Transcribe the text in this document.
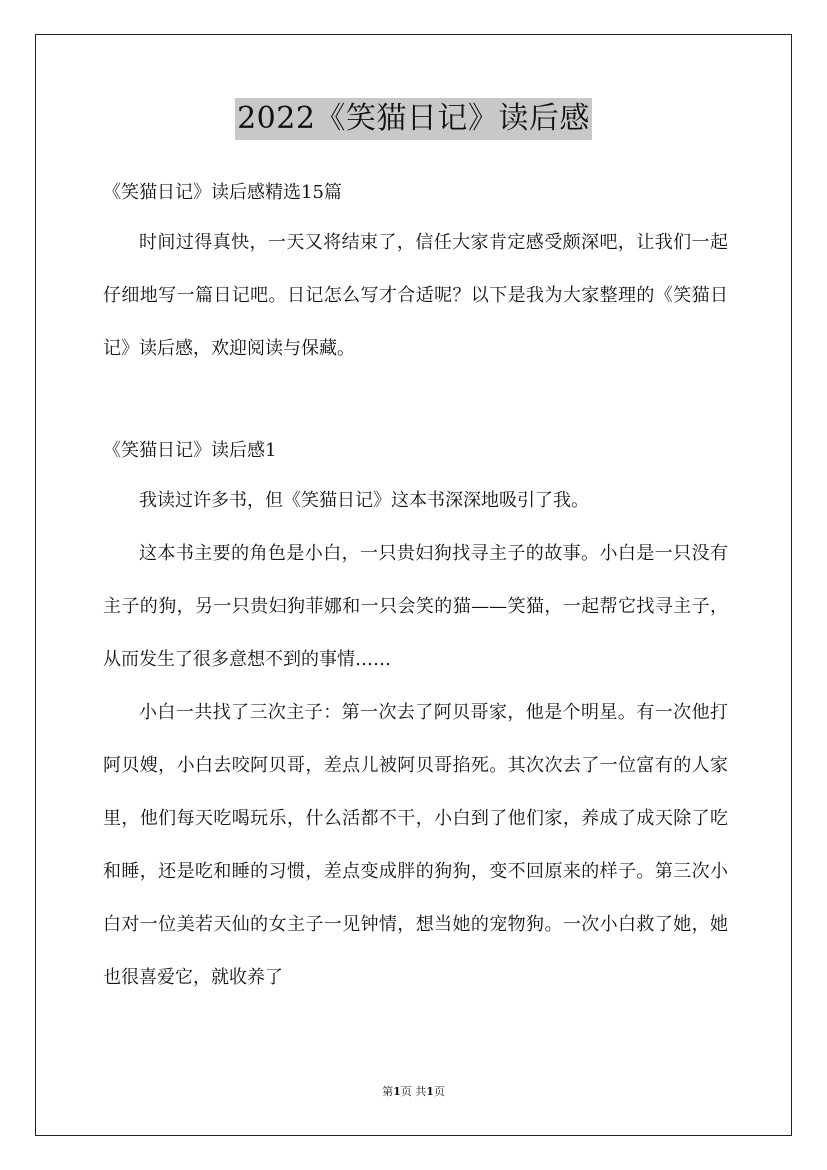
2022《笑猫日记》读后感

《笑猫日记》读后感精选15篇

时间过得真快，一天又将结束了，信任大家肯定感受颇深吧，让我们一起仔细地写一篇日记吧。日记怎么写才合适呢？以下是我为大家整理的《笑猫日记》读后感，欢迎阅读与保藏。

《笑猫日记》读后感1

我读过许多书，但《笑猫日记》这本书深深地吸引了我。

这本书主要的角色是小白，一只贵妇狗找寻主子的故事。小白是一只没有主子的狗，另一只贵妇狗菲娜和一只会笑的猫——笑猫，一起帮它找寻主子，从而发生了很多意想不到的事情……

小白一共找了三次主子：第一次去了阿贝哥家，他是个明星。有一次他打阿贝嫂，小白去咬阿贝哥，差点儿被阿贝哥掐死。其次次去了一位富有的人家里，他们每天吃喝玩乐，什么活都不干，小白到了他们家，养成了成天除了吃和睡，还是吃和睡的习惯，差点变成胖的狗狗，变不回原来的样子。第三次小白对一位美若天仙的女主子一见钟情，想当她的宠物狗。一次小白救了她，她也很喜爱它，就收养了

第1页 共1页
